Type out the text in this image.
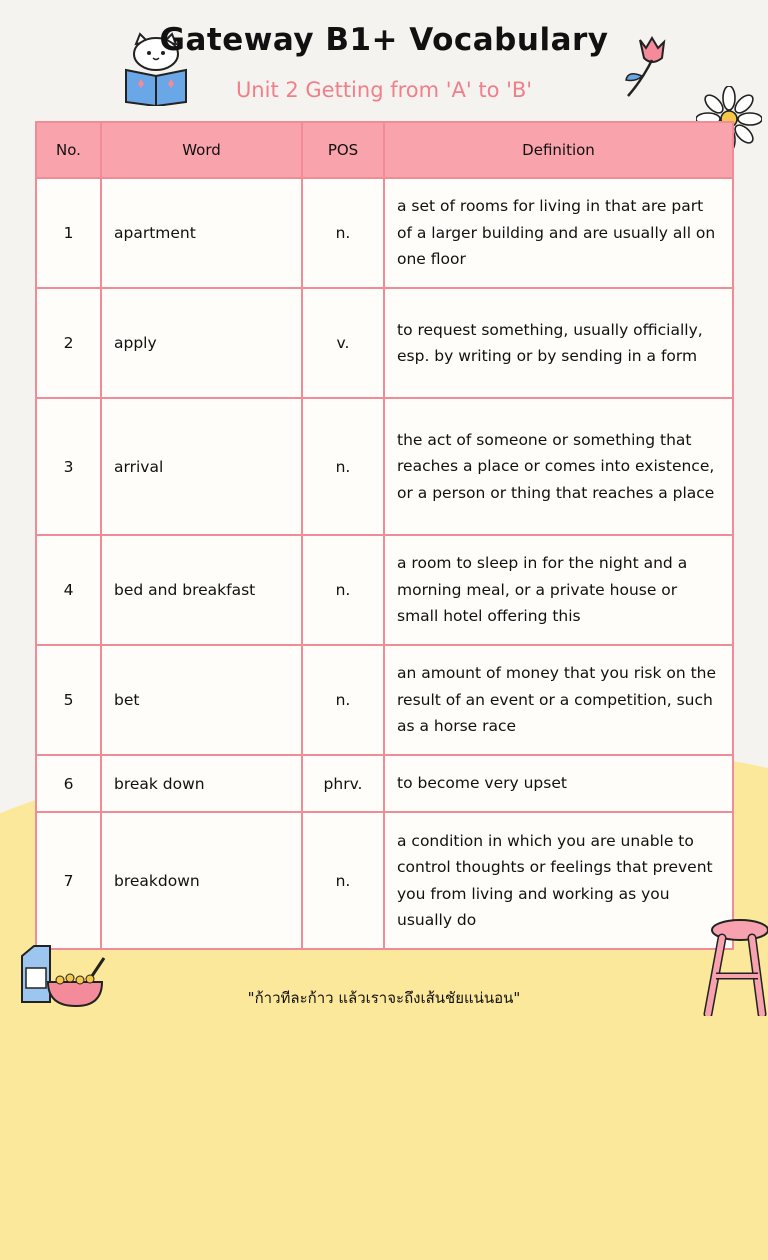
Gateway B1+ Vocabulary
Unit 2 Getting from 'A' to 'B'
No.	Word	POS	Definition
1	apartment	n.	a set of rooms for living in that are part of a larger building and are usually all on one floor
2	apply	v.	to request something, usually officially, esp. by writing or by sending in a form
3	arrival	n.	the act of someone or something that reaches a place or comes into existence, or a person or thing that reaches a place
4	bed and breakfast	n.	a room to sleep in for the night and a morning meal, or a private house or small hotel offering this
5	bet	n.	an amount of money that you risk on the result of an event or a competition, such as a horse race
6	break down	phrv.	to become very upset
7	breakdown	n.	a condition in which you are unable to control thoughts or feelings that prevent you from living and working as you usually do
"ก้าวทีละก้าว แล้วเราจะถึงเส้นชัยแน่นอน"
